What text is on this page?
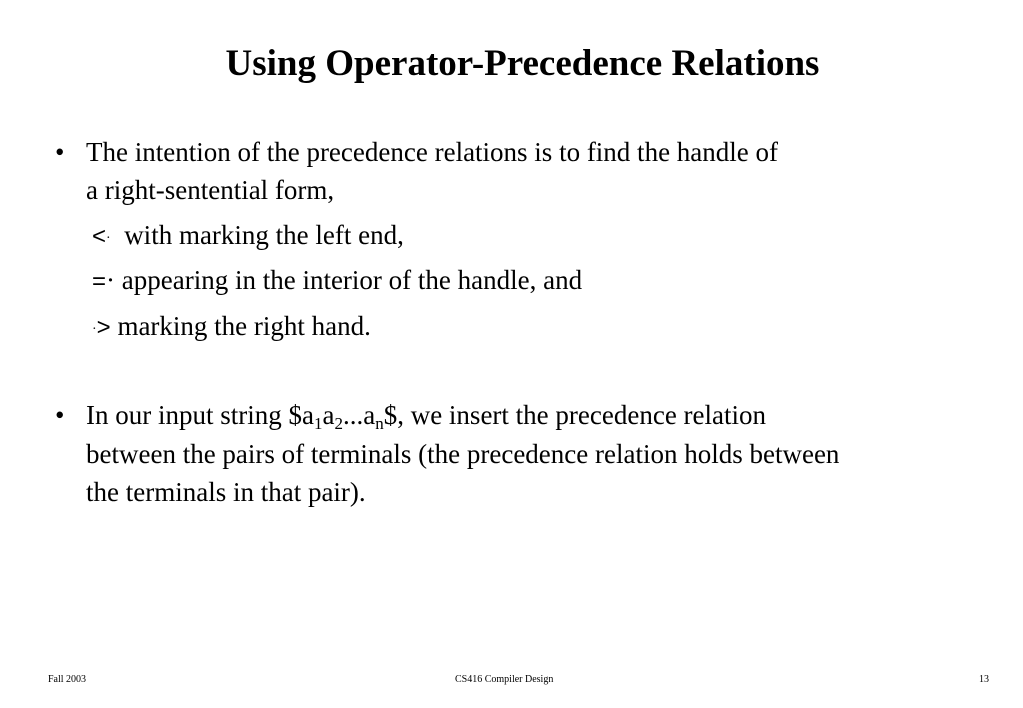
Using Operator-Precedence Relations
• The intention of the precedence relations is to find the handle of
a right-sentential form,
<· with marking the left end,
=· appearing in the interior of the handle, and
·> marking the right hand.
• In our input string $\$a_1a_2...a_n\$$, we insert the precedence relation
between the pairs of terminals (the precedence relation holds between
the terminals in that pair).
Fall 2003	CS416 Compiler Design	13
